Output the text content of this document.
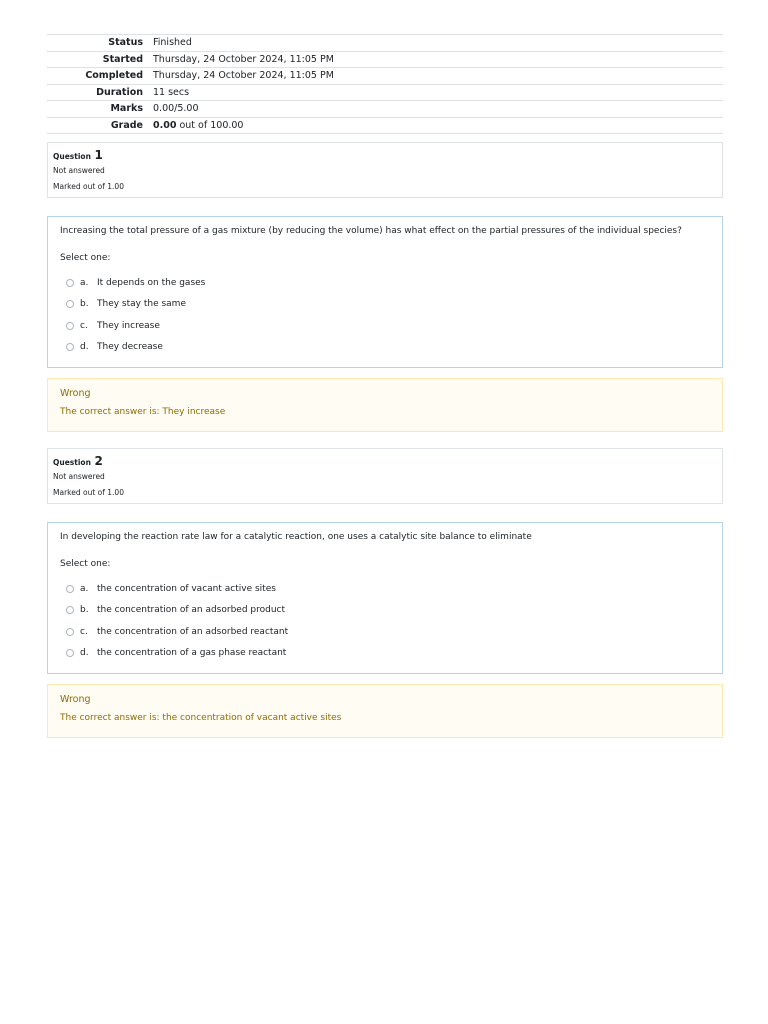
Status	Finished
Started	Thursday, 24 October 2024, 11:05 PM
Completed	Thursday, 24 October 2024, 11:05 PM
Duration	11 secs
Marks	0.00/5.00
Grade	0.00 out of 100.00
Question 1
Not answered
Marked out of 1.00
Increasing the total pressure of a gas mixture (by reducing the volume) has what effect on the partial pressures of the individual species?
Select one:
a. It depends on the gases
b. They stay the same
c.	They increase
d. They decrease
Wrong
The correct answer is: They increase
Question 2
Not answered
Marked out of 1.00
In developing the reaction rate law for a catalytic reaction, one uses a catalytic site balance to eliminate
Select one:
a. the concentration of vacant active sites
b. the concentration of an adsorbed product
c.	the concentration of an adsorbed reactant
d. the concentration of a gas phase reactant
Wrong
The correct answer is: the concentration of vacant active sites
